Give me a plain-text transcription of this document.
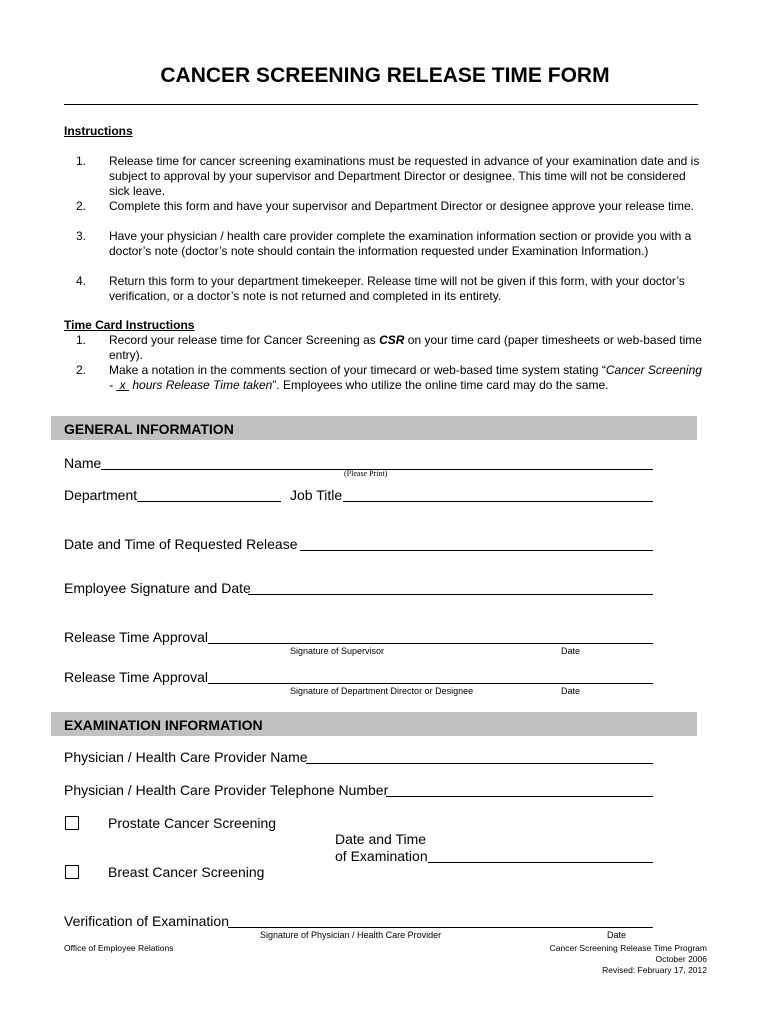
CANCER SCREENING RELEASE TIME FORM
Instructions
1. Release time for cancer screening examinations must be requested in advance of your examination date and is subject to approval by your supervisor and Department Director or designee. This time will not be considered sick leave.
2. Complete this form and have your supervisor and Department Director or designee approve your release time.
3. Have your physician / health care provider complete the examination information section or provide you with a doctor’s note (doctor’s note should contain the information requested under Examination Information.)
4. Return this form to your department timekeeper. Release time will not be given if this form, with your doctor’s verification, or a doctor’s note is not returned and completed in its entirety.
Time Card Instructions
1. Record your release time for Cancer Screening as CSR on your time card (paper timesheets or web-based time entry).
2. Make a notation in the comments section of your timecard or web-based time system stating “Cancer Screening -  x  hours Release Time taken”. Employees who utilize the online time card may do the same.
GENERAL INFORMATION
Name
(Please Print)
Department	Job Title
Date and Time of Requested Release
Employee Signature and Date
Release Time Approval
Signature of Supervisor	Date
Release Time Approval
Signature of Department Director or Designee	Date
EXAMINATION INFORMATION
Physician / Health Care Provider Name
Physician / Health Care Provider Telephone Number
Prostate Cancer Screening
Date and Time
of Examination
Breast Cancer Screening
Verification of Examination
Signature of Physician / Health Care Provider	Date
Office of Employee Relations	Cancer Screening Release Time Program
October 2006
Revised: February 17, 2012
